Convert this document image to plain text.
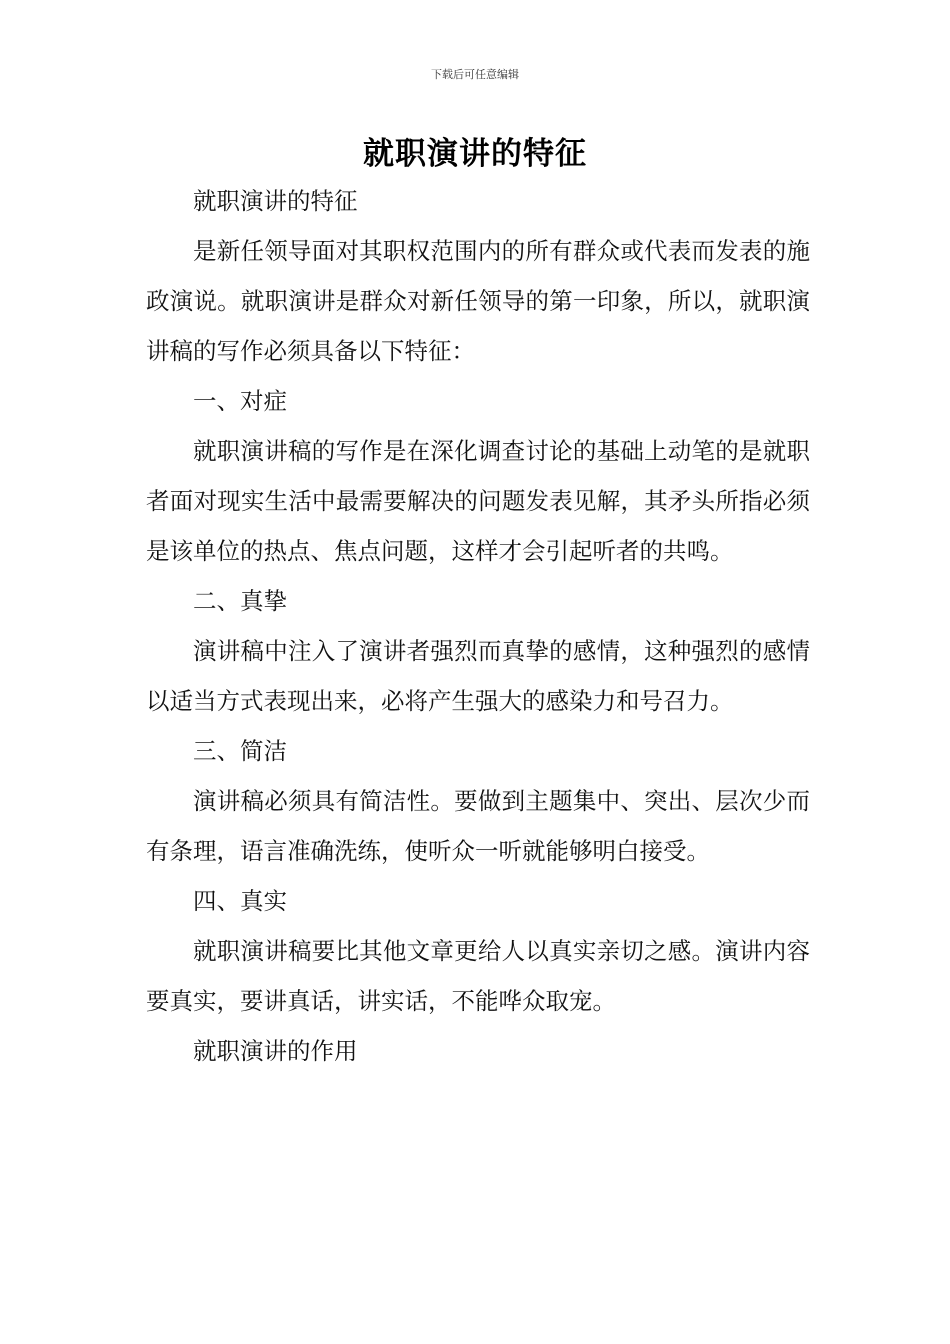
下载后可任意编辑
就职演讲的特征

就职演讲的特征

是新任领导面对其职权范围内的所有群众或代表而发表的施政演说。就职演讲是群众对新任领导的第一印象，所以，就职演讲稿的写作必须具备以下特征：

一、对症

就职演讲稿的写作是在深化调查讨论的基础上动笔的是就职者面对现实生活中最需要解决的问题发表见解，其矛头所指必须是该单位的热点、焦点问题，这样才会引起听者的共鸣。

二、真挚

演讲稿中注入了演讲者强烈而真挚的感情，这种强烈的感情以适当方式表现出来，必将产生强大的感染力和号召力。

三、简洁

演讲稿必须具有简洁性。要做到主题集中、突出、层次少而有条理，语言准确洗练，使听众一听就能够明白接受。

四、真实

就职演讲稿要比其他文章更给人以真实亲切之感。演讲内容要真实，要讲真话，讲实话，不能哗众取宠。

就职演讲的作用
